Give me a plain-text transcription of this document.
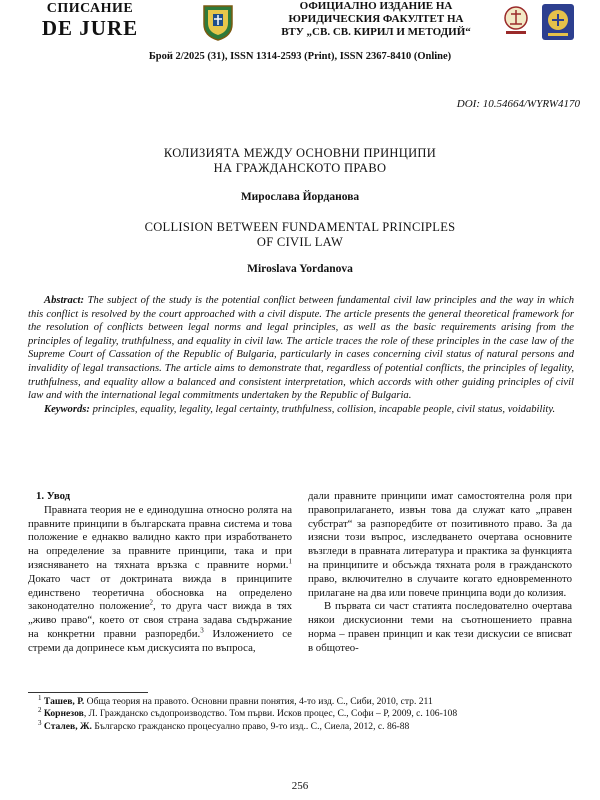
СПИСАНИЕ
DE JURE
ОФИЦИАЛНО ИЗДАНИЕ НА
ЮРИДИЧЕСКИЯ ФАКУЛТЕТ НА
ВТУ „СВ. СВ. КИРИЛ И МЕТОДИЙ“
Брой 2/2025 (31), ISSN 1314-2593 (Print), ISSN 2367-8410 (Online)
DOI: 10.54664/WYRW4170
КОЛИЗИЯТА МЕЖДУ ОСНОВНИ ПРИНЦИПИ
НА ГРАЖДАНСКОТО ПРАВО
Мирослава Йорданова
COLLISION BETWEEN FUNDAMENTAL PRINCIPLES
OF CIVIL LAW
Miroslava Yordanova
Abstract: The subject of the study is the potential conflict between fundamental civil law principles and the way in which this conflict is resolved by the court approached with a civil dispute. The article presents the general theoretical framework for the resolution of conflicts between legal norms and legal principles, as well as the basic requirements arising from the principles of legality, truthfulness, and equality in civil law. The article traces the role of these principles in the case law of the Supreme Court of Cassation of the Republic of Bulgaria, particularly in cases concerning civil status of natural persons and invalidity of legal transactions. The article aims to demonstrate that, regardless of potential conflicts, the principles of legality, truthfulness, and equality allow a balanced and consistent interpretation, which accords with other guiding principles of civil law and with the international legal commitments undertaken by the Republic of Bulgaria.
Keywords: principles, equality, legality, legal certainty, truthfulness, collision, incapable people, civil status, voidability.

1. Увод

Правната теория не е единодушна относно ролята на правните принципи в българската правна система и това положение е еднакво валидно както при изработването на определение за правните принципи, така и при изясняването на тяхната връзка с правните норми.$^1$ Докато част от доктрината вижда в принципите единствено теоретична обосновка на определено законодателно положение$^2$, то друга част вижда в тях „живо право“, което от своя страна задава съдържание на конкретни правни разпоредби.$^3$ Изложението се стреми да допринесе към дискусията по въпроса,

дали правните принципи имат самостоятелна роля при правоприлагането, извън това да служат като „правен субстрат“ за разпоредбите от позитивното право. За да изясни този въпрос, изследването очертава основните възгледи в правната литература и практика за функцията на принципите и обсъжда тяхната роля в гражданското право, включително в случаите когато едновременното прилагане на два или повече принципа води до колизия.

В първата си част статията последователно очертава някои дискусионни теми на съотношението правна норма – правен принцип и как тези дискусии се вписват в общотео-

$^1$ Ташев, Р. Обща теория на правото. Основни правни понятия, 4-то изд. С., Сиби, 2010, стр. 211
$^2$ Корнезов, Л. Гражданско съдопроизводство. Том първи. Исков процес, С., Софи – Р, 2009, с. 106-108
$^3$ Сталев, Ж. Българско гражданско процесуално право, 9-то изд.. С., Сиела, 2012, с. 86-88
256
